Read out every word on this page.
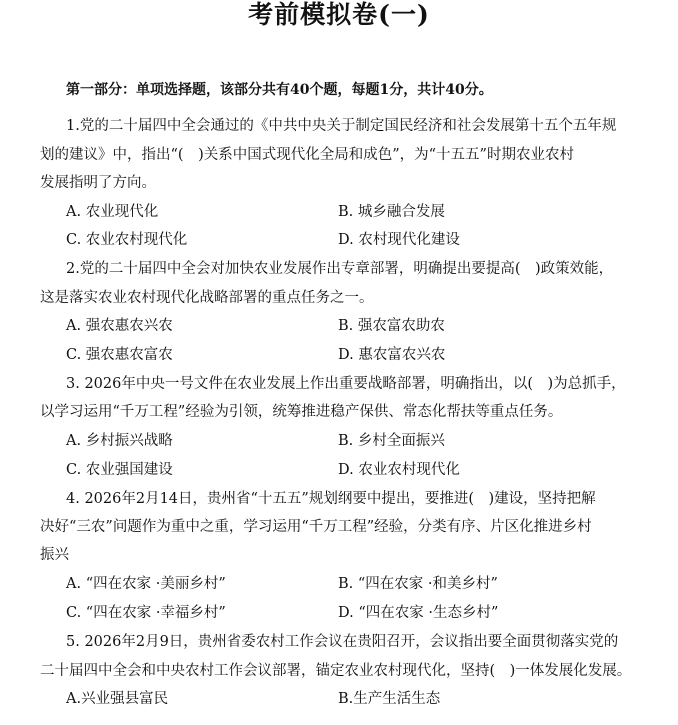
考前模拟卷(一)
第一部分：单项选择题，该部分共有40个题，每题1分，共计40分。
1.党的二十届四中全会通过的《中共中央关于制定国民经济和社会发展第十五个五年规
划的建议》中，指出“(　)关系中国式现代化全局和成色”，为“十五五”时期农业农村
发展指明了方向。
A. 农业现代化	B. 城乡融合发展
C. 农业农村现代化	D. 农村现代化建设
2.党的二十届四中全会对加快农业发展作出专章部署，明确提出要提高(　)政策效能，
这是落实农业农村现代化战略部署的重点任务之一。
A. 强农惠农兴农	B. 强农富农助农
C. 强农惠农富农	D. 惠农富农兴农
3. 2026年中央一号文件在农业发展上作出重要战略部署，明确指出，以(　)为总抓手，
以学习运用“千万工程”经验为引领，统筹推进稳产保供、常态化帮扶等重点任务。
A. 乡村振兴战略	B. 乡村全面振兴
C. 农业强国建设	D. 农业农村现代化
4. 2026年2月14日，贵州省“十五五”规划纲要中提出，要推进(　)建设，坚持把解
决好“三农”问题作为重中之重，学习运用“千万工程”经验，分类有序、片区化推进乡村
振兴
A. “四在农家 ·美丽乡村”	B. “四在农家 ·和美乡村”
C. “四在农家 ·幸福乡村”	D. “四在农家 ·生态乡村”
5. 2026年2月9日，贵州省委农村工作会议在贵阳召开，会议指出要全面贯彻落实党的
二十届四中全会和中央农村工作会议部署，锚定农业农村现代化，坚持(　)一体发展化发展。
A.兴业强县富民	B.生产生活生态
